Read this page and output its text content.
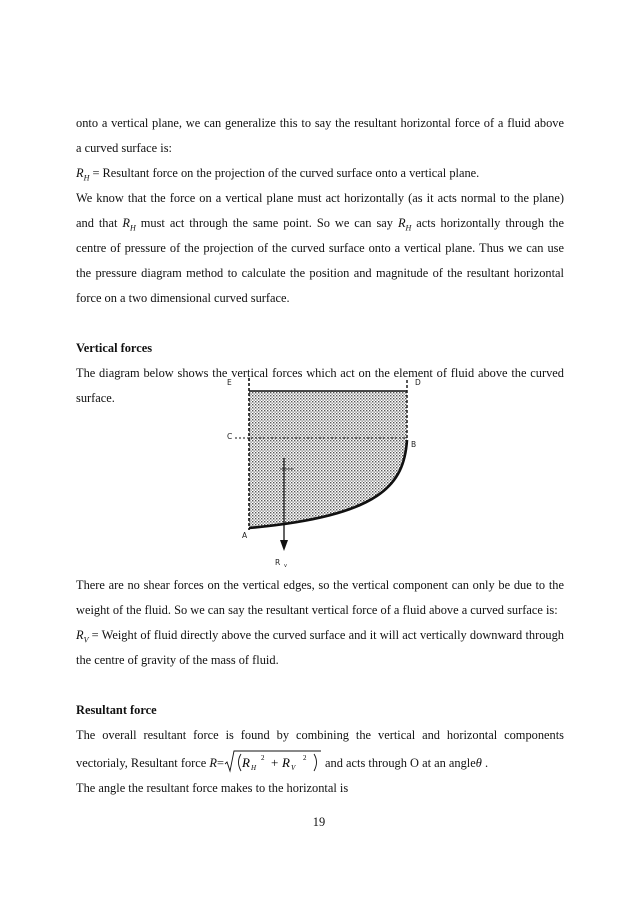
onto a vertical plane, we can generalize this to say the resultant horizontal force of a fluid above

a curved surface is:

$R_H$ = Resultant force on the projection of the curved surface onto a vertical plane.

We know that the force on a vertical plane must act horizontally (as it acts normal to the plane) and that $R_H$ must act through the same point. So we can say $R_H$ acts horizontally through the centre of pressure of the projection of the curved surface onto a vertical plane. Thus we can use the pressure diagram method to calculate the position and magnitude of the resultant horizontal force on a two dimensional curved surface.

Vertical forces

The diagram below shows the vertical forces which act on the element of fluid above the curved

surface.

E	D
C
B
A
R v

There are no shear forces on the vertical edges, so the vertical component can only be due to the weight of the fluid. So we can say the resultant vertical force of a fluid above a curved surface is:

$R_V$ = Weight of fluid directly above the curved surface and it will act vertically downward through the centre of gravity of the mass of fluid.

Resultant force

The overall resultant force is found by combining the vertical and horizontal components

vectorialy, Resultant force R= R H
2 + R V
2 and acts through O at an angleθ .

The angle the resultant force makes to the horizontal is

19
